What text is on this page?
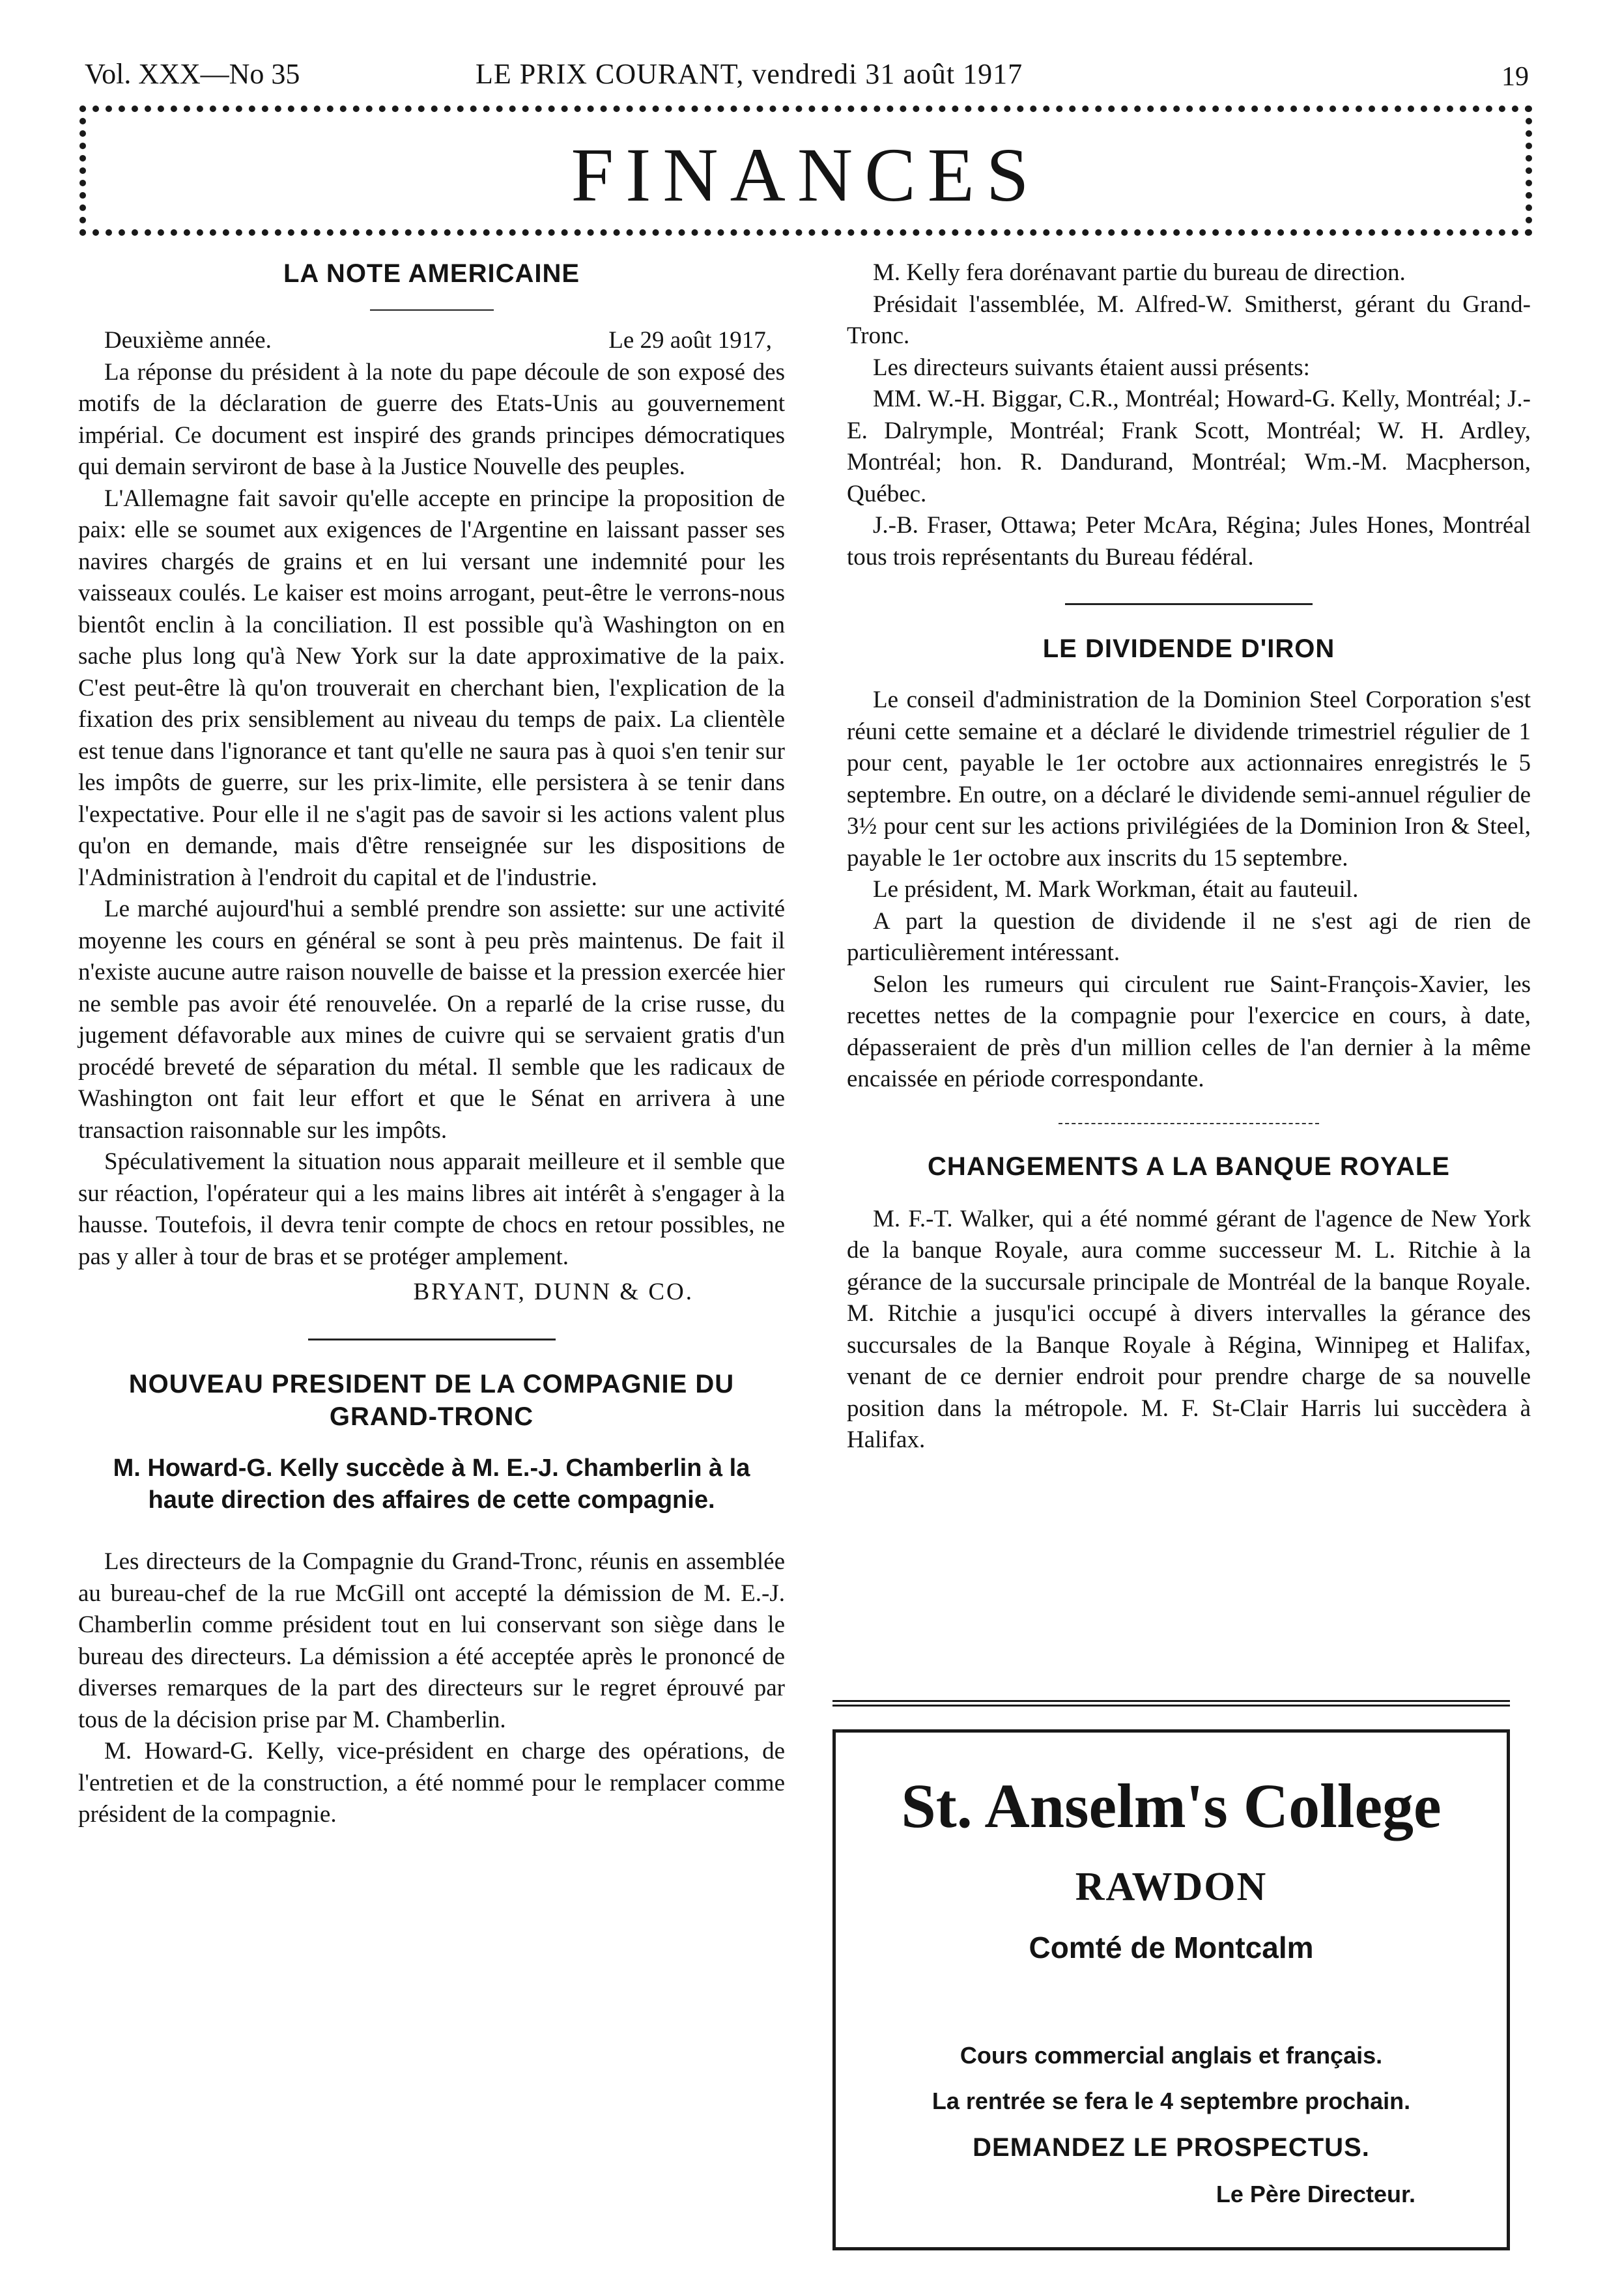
Vol. XXX—No 35	LE PRIX COURANT, vendredi 31 août 1917	19
FINANCES
LA NOTE AMERICAINE
Deuxième année.	Le 29 août 1917,

La réponse du président à la note du pape découle de son exposé des motifs de la déclaration de guerre des Etats-Unis au gouvernement impérial. Ce document est inspiré des grands principes démocratiques qui demain serviront de base à la Justice Nouvelle des peuples.

L'Allemagne fait savoir qu'elle accepte en principe la proposition de paix: elle se soumet aux exigences de l'Argentine en laissant passer ses navires chargés de grains et en lui versant une indemnité pour les vaisseaux coulés. Le kaiser est moins arrogant, peut-être le verrons-nous bientôt enclin à la conciliation. Il est possible qu'à Washington on en sache plus long qu'à New York sur la date approximative de la paix. C'est peut-être là qu'on trouverait en cherchant bien, l'explication de la fixation des prix sensiblement au niveau du temps de paix. La clientèle est tenue dans l'ignorance et tant qu'elle ne saura pas à quoi s'en tenir sur les impôts de guerre, sur les prix-limite, elle persistera à se tenir dans l'expectative. Pour elle il ne s'agit pas de savoir si les actions valent plus qu'on en demande, mais d'être renseignée sur les dispositions de l'Administration à l'endroit du capital et de l'industrie.

Le marché aujourd'hui a semblé prendre son assiette: sur une activité moyenne les cours en général se sont à peu près maintenus. De fait il n'existe aucune autre raison nouvelle de baisse et la pression exercée hier ne semble pas avoir été renouvelée. On a reparlé de la crise russe, du jugement défavorable aux mines de cuivre qui se servaient gratis d'un procédé breveté de séparation du métal. Il semble que les radicaux de Washington ont fait leur effort et que le Sénat en arrivera à une transaction raisonnable sur les impôts.

Spéculativement la situation nous apparait meilleure et il semble que sur réaction, l'opérateur qui a les mains libres ait intérêt à s'engager à la hausse. Toutefois, il devra tenir compte de chocs en retour possibles, ne pas y aller à tour de bras et se protéger amplement.

BRYANT, DUNN & CO.
NOUVEAU PRESIDENT DE LA COMPAGNIE DU GRAND-TRONC
M. Howard-G. Kelly succède à M. E.-J. Chamberlin à la haute direction des affaires de cette compagnie.

Les directeurs de la Compagnie du Grand-Tronc, réunis en assemblée au bureau-chef de la rue McGill ont accepté la démission de M. E.-J. Chamberlin comme président tout en lui conservant son siège dans le bureau des directeurs. La démission a été acceptée après le prononcé de diverses remarques de la part des directeurs sur le regret éprouvé par tous de la décision prise par M. Chamberlin.

M. Howard-G. Kelly, vice-président en charge des opérations, de l'entretien et de la construction, a été nommé pour le remplacer comme président de la compagnie.

M. Kelly fera dorénavant partie du bureau de direction.

Présidait l'assemblée, M. Alfred-W. Smitherst, gérant du Grand-Tronc.

Les directeurs suivants étaient aussi présents:

MM. W.-H. Biggar, C.R., Montréal; Howard-G. Kelly, Montréal; J.-E. Dalrymple, Montréal; Frank Scott, Montréal; W. H. Ardley, Montréal; hon. R. Dandurand, Montréal; Wm.-M. Macpherson, Québec.

J.-B. Fraser, Ottawa; Peter McAra, Régina; Jules Hones, Montréal tous trois représentants du Bureau fédéral.

LE DIVIDENDE D'IRON

Le conseil d'administration de la Dominion Steel Corporation s'est réuni cette semaine et a déclaré le dividende trimestriel régulier de 1 pour cent, payable le 1er octobre aux actionnaires enregistrés le 5 septembre. En outre, on a déclaré le dividende semi-annuel régulier de 3½ pour cent sur les actions privilégiées de la Dominion Iron & Steel, payable le 1er octobre aux inscrits du 15 septembre.

Le président, M. Mark Workman, était au fauteuil.

A part la question de dividende il ne s'est agi de rien de particulièrement intéressant.

Selon les rumeurs qui circulent rue Saint-François-Xavier, les recettes nettes de la compagnie pour l'exercice en cours, à date, dépasseraient de près d'un million celles de l'an dernier à la même encaissée en période correspondante.

CHANGEMENTS A LA BANQUE ROYALE

M. F.-T. Walker, qui a été nommé gérant de l'agence de New York de la banque Royale, aura comme successeur M. L. Ritchie à la gérance de la succursale principale de Montréal de la banque Royale. M. Ritchie a jusqu'ici occupé à divers intervalles la gérance des succursales de la Banque Royale à Régina, Winnipeg et Halifax, venant de ce dernier endroit pour prendre charge de sa nouvelle position dans la métropole. M. F. St-Clair Harris lui succèdera à Halifax.

St. Anselm's College
RAWDON
Comté de Montcalm
Cours commercial anglais et français.
La rentrée se fera le 4 septembre prochain.
DEMANDEZ LE PROSPECTUS.
Le Père Directeur.
